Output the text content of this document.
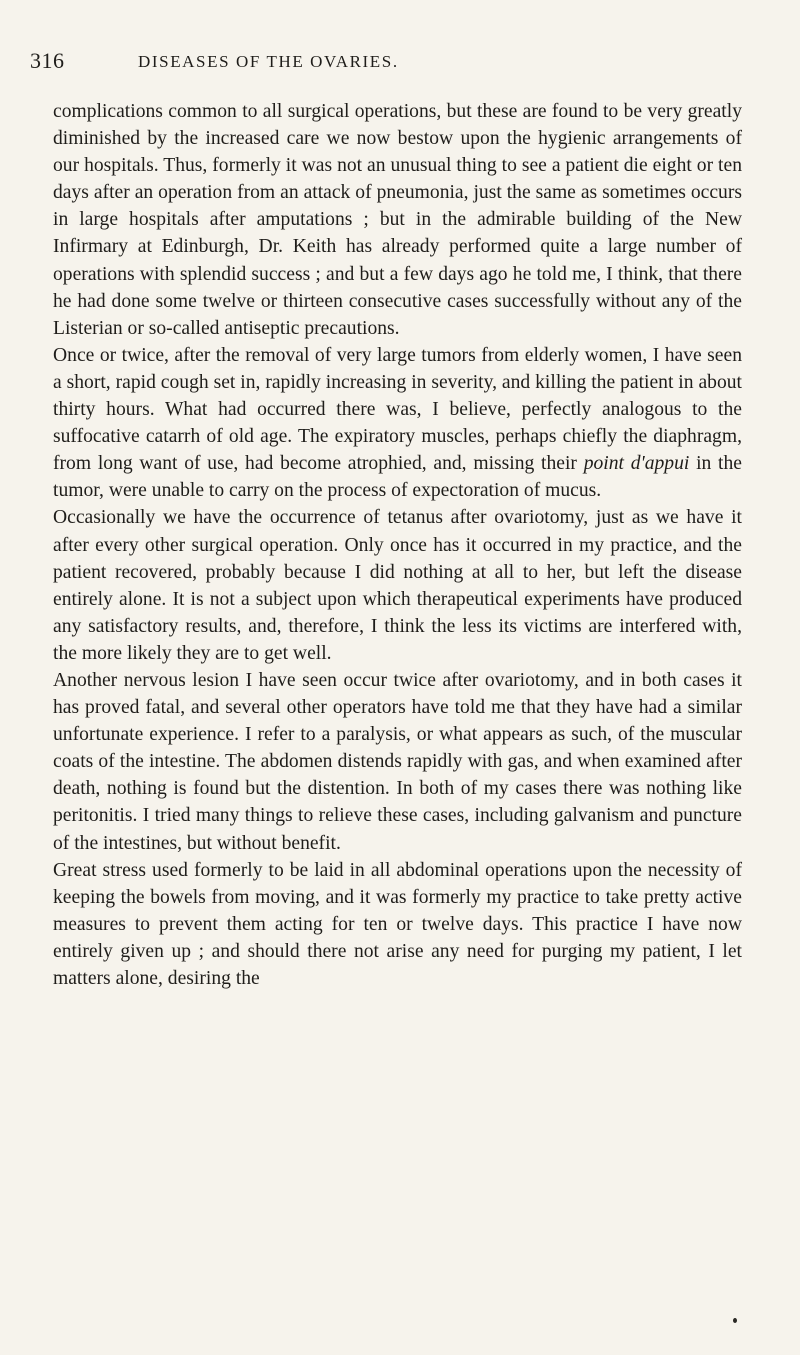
316	DISEASES OF THE OVARIES.

complications common to all surgical operations, but these are found to be very greatly diminished by the increased care we now bestow upon the hygienic arrangements of our hospitals. Thus, formerly it was not an unusual thing to see a patient die eight or ten days after an operation from an attack of pneumonia, just the same as sometimes occurs in large hospitals after amputations ; but in the admirable building of the New Infirmary at Edinburgh, Dr. Keith has already performed quite a large number of operations with splendid success ; and but a few days ago he told me, I think, that there he had done some twelve or thirteen consecutive cases successfully without any of the Listerian or so-called antiseptic precautions.

Once or twice, after the removal of very large tumors from elderly women, I have seen a short, rapid cough set in, rapidly increasing in severity, and killing the patient in about thirty hours. What had occurred there was, I believe, perfectly analogous to the suffocative catarrh of old age. The expiratory muscles, perhaps chiefly the diaphragm, from long want of use, had become atrophied, and, missing their point d'appui in the tumor, were unable to carry on the process of expectoration of mucus.

Occasionally we have the occurrence of tetanus after ovariotomy, just as we have it after every other surgical operation. Only once has it occurred in my practice, and the patient recovered, probably because I did nothing at all to her, but left the disease entirely alone. It is not a subject upon which therapeutical experiments have produced any satisfactory results, and, therefore, I think the less its victims are interfered with, the more likely they are to get well.

Another nervous lesion I have seen occur twice after ovariotomy, and in both cases it has proved fatal, and several other operators have told me that they have had a similar unfortunate experience. I refer to a paralysis, or what appears as such, of the muscular coats of the intestine. The abdomen distends rapidly with gas, and when examined after death, nothing is found but the distention. In both of my cases there was nothing like peritonitis. I tried many things to relieve these cases, including galvanism and puncture of the intestines, but without benefit.

Great stress used formerly to be laid in all abdominal operations upon the necessity of keeping the bowels from moving, and it was formerly my practice to take pretty active measures to prevent them acting for ten or twelve days. This practice I have now entirely given up ; and should there not arise any need for purging my patient, I let matters alone, desiring the
